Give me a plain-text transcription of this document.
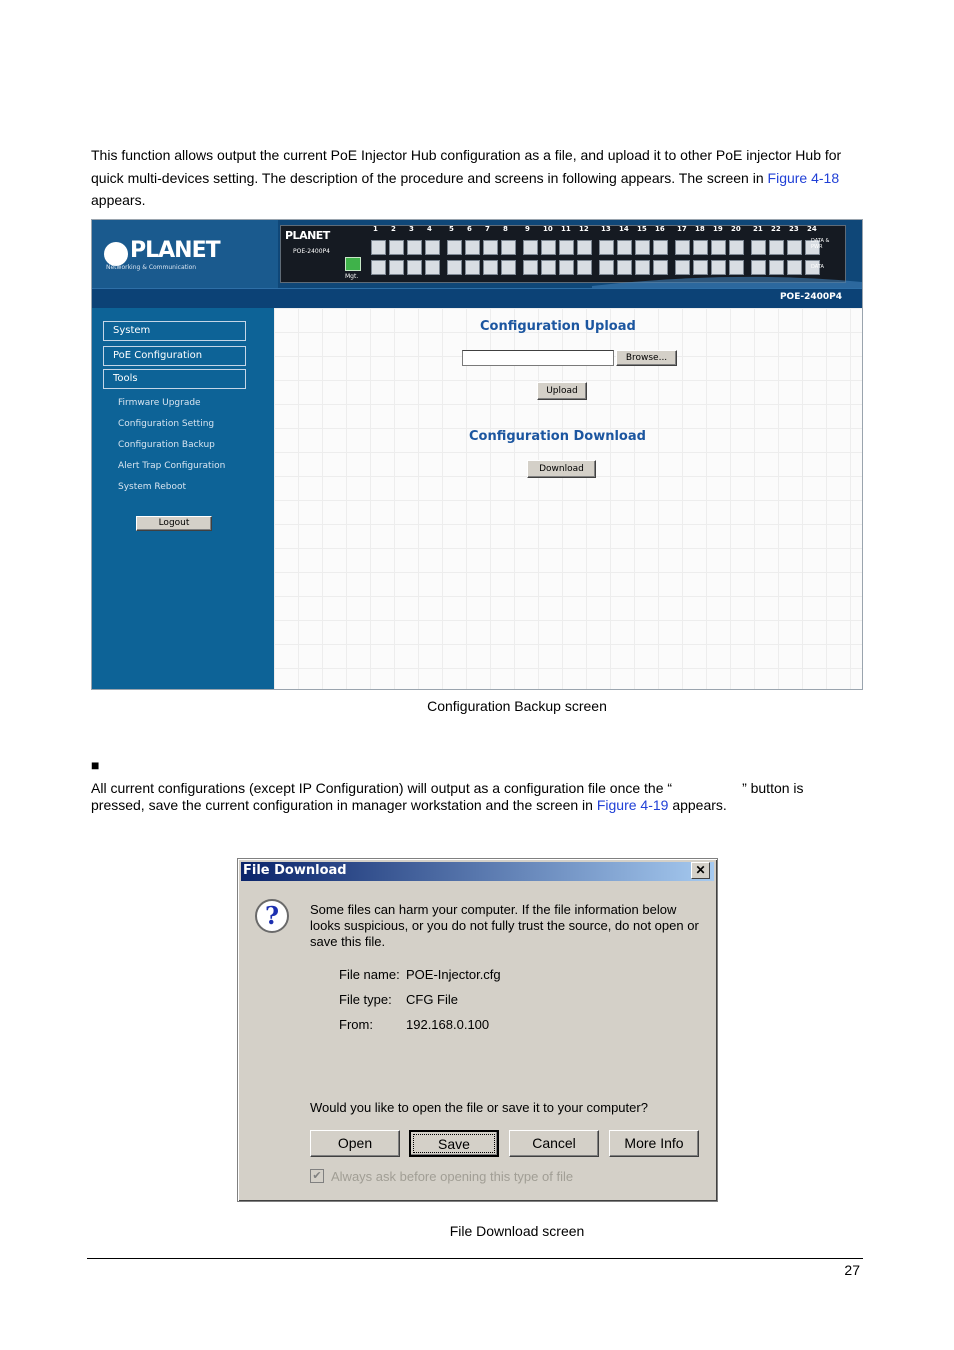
This function allows output the current PoE Injector Hub configuration as a file, and upload it to other PoE injector Hub for
quick multi-devices setting. The description of the procedure and screens in following appears. The screen in Figure 4-18
appears.
PLANET
Networking & Communication
PLANET
POE-2400P4
Mgt.
1 2 3 4 5 6 7 8 9 10 11 12 13 14 15 16 17 18 19 20 21 22 23 24
DATA & PWR
DATA
POE-2400P4
System
PoE Configuration
Tools
Firmware Upgrade
Configuration Setting
Configuration Backup
Alert Trap Configuration
System Reboot
Logout
Configuration Upload
Browse...
Upload
Configuration Download
Download
Configuration Backup screen
■
All current configurations (except IP Configuration) will output as a configuration file once the “	” button is
pressed, save the current configuration in manager workstation and the screen in Figure 4-19 appears.
File Download	✕
?	Some files can harm your computer. If the file information below
looks suspicious, or you do not fully trust the source, do not open or
save this file.
File name: POE-Injector.cfg
File type: CFG File
From:	192.168.0.100
Would you like to open the file or save it to your computer?
Open	Save	Cancel	More Info
✔ Always ask before opening this type of file
File Download screen
27
